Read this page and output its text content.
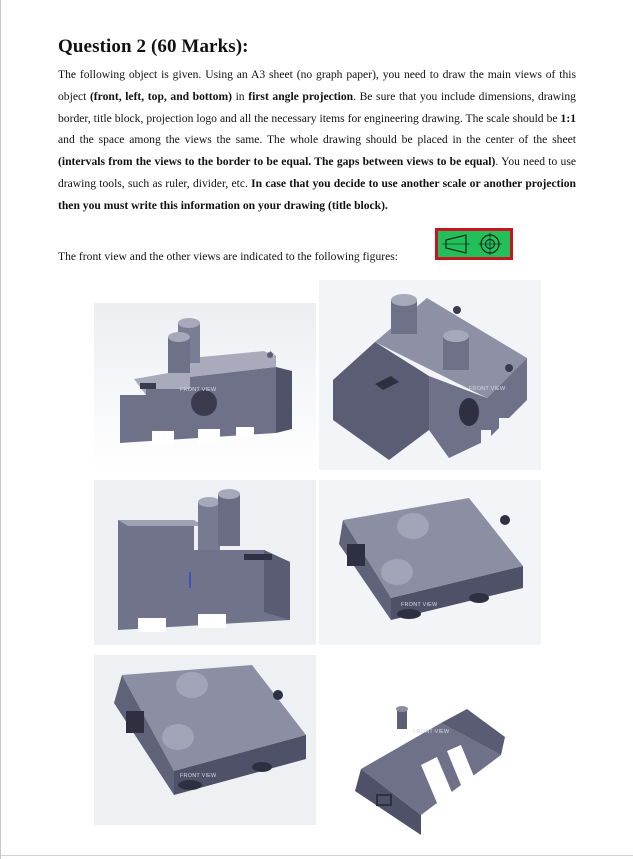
Question 2 (60 Marks):
The following object is given. Using an A3 sheet (no graph paper), you need to draw the main views of this object (front, left, top, and bottom) in first angle projection. Be sure that you include dimensions, drawing border, title block, projection logo and all the necessary items for engineering drawing. The scale should be 1:1 and the space among the views the same. The whole drawing should be placed in the center of the sheet (intervals from the views to the border to be equal. The gaps between views to be equal). You need to use drawing tools, such as ruler, divider, etc. In case that you decide to use another scale or another projection then you must write this information on your drawing (title block).
The front view and the other views are indicated to the following figures:
FRONT VIEW	FRONT VIEW
FRONT VIEW
FRONT VIEW
FRONT VIEW
